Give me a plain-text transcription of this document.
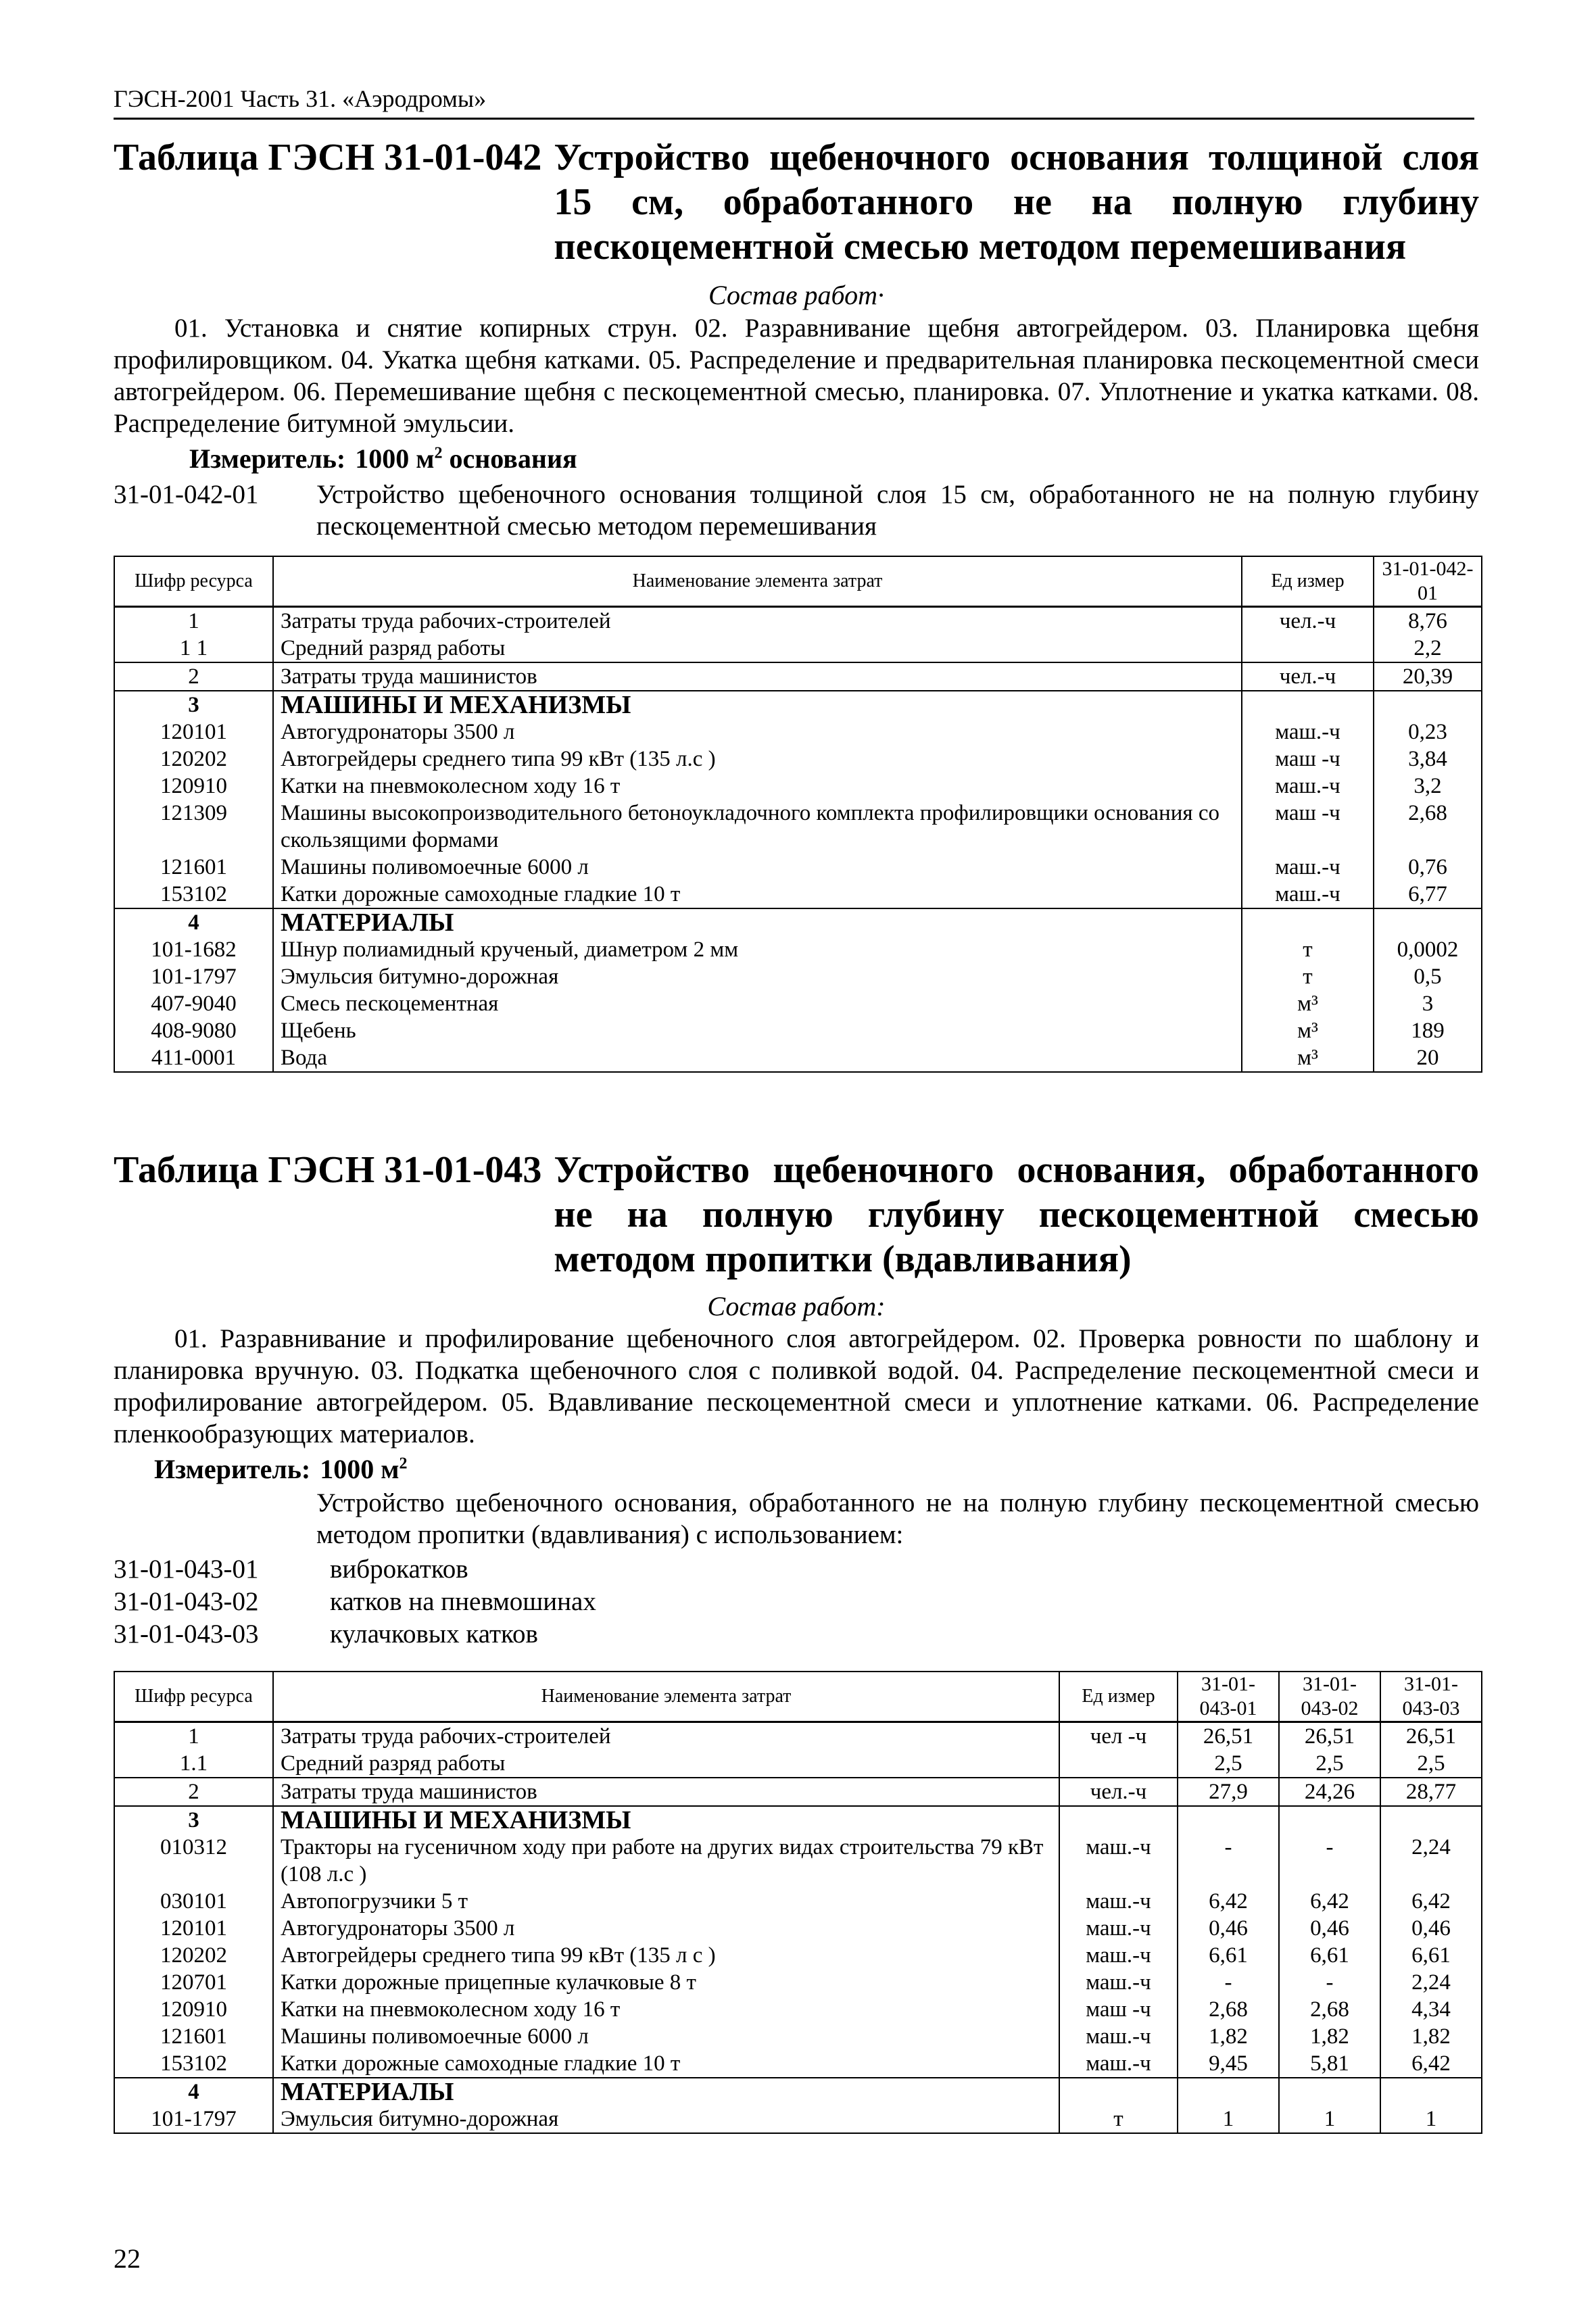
ГЭСН-2001 Часть 31. «Аэродромы»
Таблица ГЭСН 31-01-042 Устройство щебеночного основания толщиной слоя 15 см, обработанного не на полную глубину пескоцементной смесью методом перемешивания
Состав работ·
01. Установка и снятие копирных струн. 02. Разравнивание щебня автогрейдером. 03. Планировка щебня профилировщиком. 04. Укатка щебня катками. 05. Распределение и предварительная планировка пескоцементной смеси автогрейдером. 06. Перемешивание щебня с пескоцементной смесью, планировка. 07. Уплотнение и укатка катками. 08. Распределение битумной эмульсии.
Измеритель: 1000 $м^2$ основания
31-01-042-01	Устройство щебеночного основания толщиной слоя 15 см, обработанного не на полную глубину пескоцементной смесью методом перемешивания
Шифр ресурса	Наименование элемента затрат	Ед измер	31-01-042-01
1	Затраты труда рабочих-строителей	чел.-ч	8,76
1 1	Средний разряд работы		2,2
2	Затраты труда машинистов	чел.-ч	20,39
3	МАШИНЫ И МЕХАНИЗМЫ		
120101	Автогудронаторы 3500 л	маш.-ч	0,23
120202	Автогрейдеры среднего типа 99 кВт (135 л.с )	маш -ч	3,84
120910	Катки на пневмоколесном ходу 16 т	маш.-ч	3,2
121309	Машины высокопроизводительного бетоноукладочного комплекта профилировщики основания со скользящими формами	маш -ч	2,68
121601	Машины поливомоечные 6000 л	маш.-ч	0,76
153102	Катки дорожные самоходные гладкие 10 т	маш.-ч	6,77
4	МАТЕРИАЛЫ		
101-1682	Шнур полиамидный крученый, диаметром 2 мм	т	0,0002
101-1797	Эмульсия битумно-дорожная	т	0,5
407-9040	Смесь пескоцементная	м³	3
408-9080	Щебень	м³	189
411-0001	Вода	м³	20
Таблица ГЭСН 31-01-043 Устройство щебеночного основания, обработанного не на полную глубину пескоцементной смесью методом пропитки (вдавливания)
Состав работ:
01. Разравнивание и профилирование щебеночного слоя автогрейдером. 02. Проверка ровности по шаблону и планировка вручную. 03. Подкатка щебеночного слоя с поливкой водой. 04. Распределение пескоцементной смеси и профилирование автогрейдером. 05. Вдавливание пескоцементной смеси и уплотнение катками. 06. Распределение пленкообразующих материалов.
Измеритель: 1000 $м^2$
Устройство щебеночного основания, обработанного не на полную глубину пескоцементной смесью методом пропитки (вдавливания) с использованием:
31-01-043-01	виброкатков
31-01-043-02	катков на пневмошинах
31-01-043-03	кулачковых катков
Шифр ресурса	Наименование элемента затрат	Ед измер	31-01-043-01	31-01-043-02	31-01-043-03
1	Затраты труда рабочих-строителей	чел -ч	26,51	26,51	26,51
1.1	Средний разряд работы		2,5	2,5	2,5
2	Затраты труда машинистов	чел.-ч	27,9	24,26	28,77
3	МАШИНЫ И МЕХАНИЗМЫ				
010312	Тракторы на гусеничном ходу при работе на других видах строительства 79 кВт (108 л.с )	маш.-ч	-	-	2,24
030101	Автопогрузчики 5 т	маш.-ч	6,42	6,42	6,42
120101	Автогудронаторы 3500 л	маш.-ч	0,46	0,46	0,46
120202	Автогрейдеры среднего типа 99 кВт (135 л с )	маш.-ч	6,61	6,61	6,61
120701	Катки дорожные прицепные кулачковые 8 т	маш.-ч	-	-	2,24
120910	Катки на пневмоколесном ходу 16 т	маш -ч	2,68	2,68	4,34
121601	Машины поливомоечные 6000 л	маш.-ч	1,82	1,82	1,82
153102	Катки дорожные самоходные гладкие 10 т	маш.-ч	9,45	5,81	6,42
4	МАТЕРИАЛЫ				
101-1797	Эмульсия битумно-дорожная	т	1	1	1
22
